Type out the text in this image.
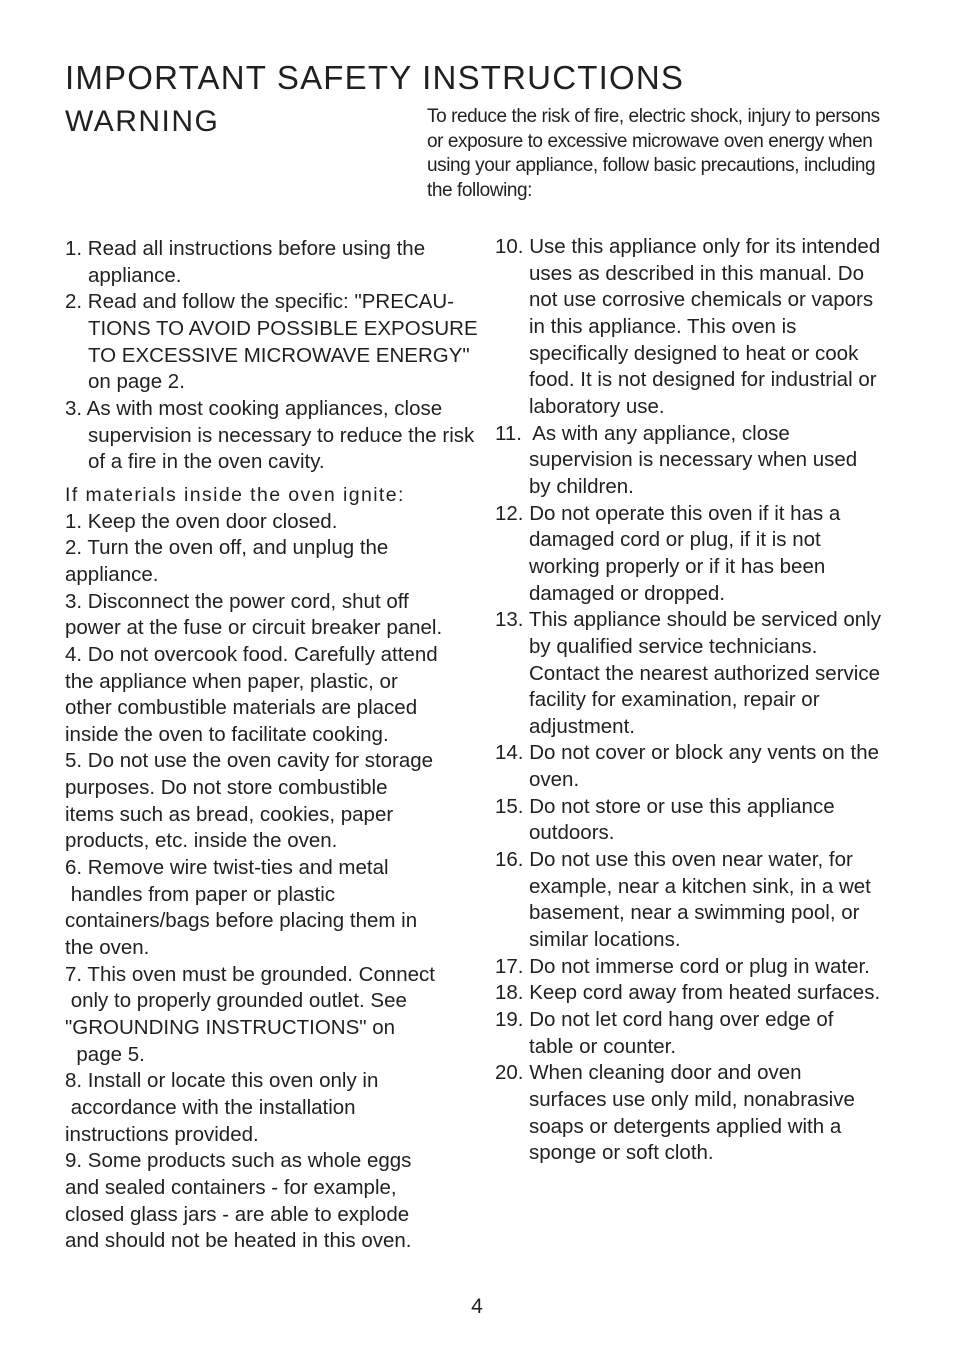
IMPORTANT SAFETY INSTRUCTIONS
WARNING	To reduce the risk of fire, electric shock, injury to persons
or exposure to excessive microwave oven energy when
using your appliance, follow basic precautions, including
the following:
1. Read all instructions before using the
appliance.
2. Read and follow the specific: "PRECAU-
TIONS TO AVOID POSSIBLE EXPOSURE
TO EXCESSIVE MICROWAVE ENERGY"
on page 2.
3. As with most cooking appliances, close
supervision is necessary to reduce the risk
of a fire in the oven cavity.
If materials inside the oven ignite:
1. Keep the oven door closed.
2. Turn the oven off, and unplug the
appliance.
3. Disconnect the power cord, shut off
power at the fuse or circuit breaker panel.
4. Do not overcook food. Carefully attend
the appliance when paper, plastic, or
other combustible materials are placed
inside the oven to facilitate cooking.
5. Do not use the oven cavity for storage
purposes. Do not store combustible
items such as bread, cookies, paper
products, etc. inside the oven.
6. Remove wire twist-ties and metal
handles from paper or plastic
containers/bags before placing them in
the oven.
7. This oven must be grounded. Connect
only to properly grounded outlet. See
"GROUNDING INSTRUCTIONS" on
page 5.
8. Install or locate this oven only in
accordance with the installation
instructions provided.
9. Some products such as whole eggs
and sealed containers - for example,
closed glass jars - are able to explode
and should not be heated in this oven.
10. Use this appliance only for its intended
uses as described in this manual. Do
not use corrosive chemicals or vapors
in this appliance. This oven is
specifically designed to heat or cook
food. It is not designed for industrial or
laboratory use.
11.  As with any appliance, close
supervision is necessary when used
by children.
12. Do not operate this oven if it has a
damaged cord or plug, if it is not
working properly or if it has been
damaged or dropped.
13. This appliance should be serviced only
by qualified service technicians.
Contact the nearest authorized service
facility for examination, repair or
adjustment.
14. Do not cover or block any vents on the
oven.
15. Do not store or use this appliance
outdoors.
16. Do not use this oven near water, for
example, near a kitchen sink, in a wet
basement, near a swimming pool, or
similar locations.
17. Do not immerse cord or plug in water.
18. Keep cord away from heated surfaces.
19. Do not let cord hang over edge of
table or counter.
20. When cleaning door and oven
surfaces use only mild, nonabrasive
soaps or detergents applied with a
sponge or soft cloth.
4
